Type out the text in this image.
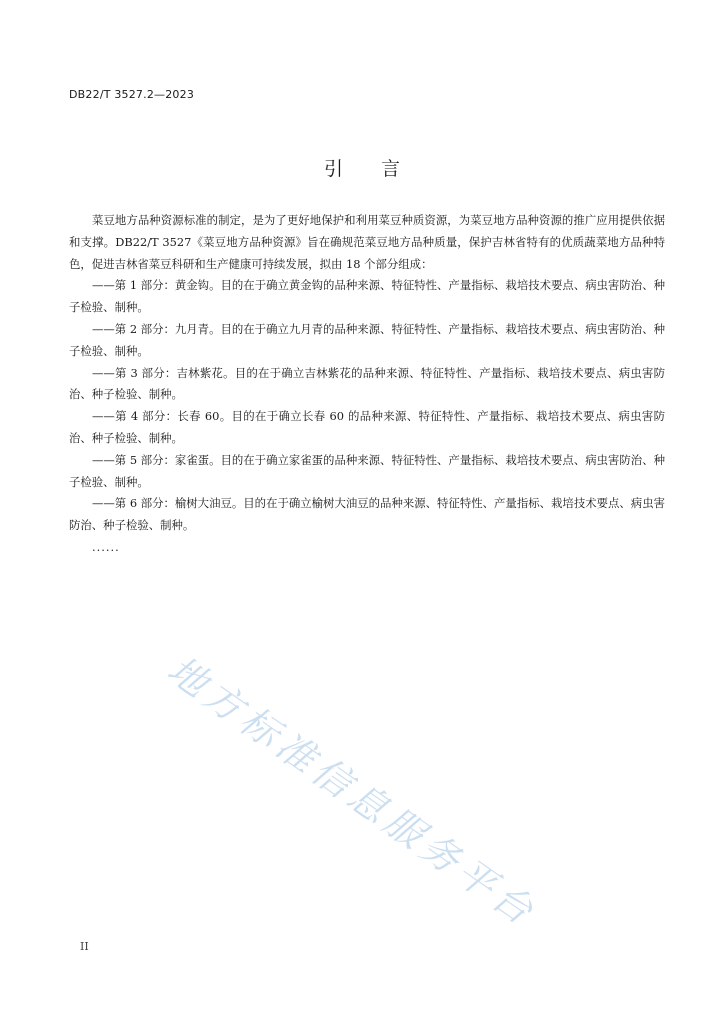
DB22/T 3527.2—2023
引 言

菜豆地方品种资源标准的制定，是为了更好地保护和利用菜豆种质资源，为菜豆地方品种资源的推广应用提供依据和支撑。DB22/T 3527《菜豆地方品种资源》旨在确规范菜豆地方品种质量，保护吉林省特有的优质蔬菜地方品种特色，促进吉林省菜豆科研和生产健康可持续发展，拟由 18 个部分组成：

——第 1 部分：黄金钩。目的在于确立黄金钩的品种来源、特征特性、产量指标、栽培技术要点、病虫害防治、种子检验、制种。

——第 2 部分：九月青。目的在于确立九月青的品种来源、特征特性、产量指标、栽培技术要点、病虫害防治、种子检验、制种。

——第 3 部分：吉林紫花。目的在于确立吉林紫花的品种来源、特征特性、产量指标、栽培技术要点、病虫害防治、种子检验、制种。

——第 4 部分：长春 60。目的在于确立长春 60 的品种来源、特征特性、产量指标、栽培技术要点、病虫害防治、种子检验、制种。

——第 5 部分：家雀蛋。目的在于确立家雀蛋的品种来源、特征特性、产量指标、栽培技术要点、病虫害防治、种子检验、制种。

——第 6 部分：榆树大油豆。目的在于确立榆树大油豆的品种来源、特征特性、产量指标、栽培技术要点、病虫害防治、种子检验、制种。

......

地方标准信息服务平台
II
